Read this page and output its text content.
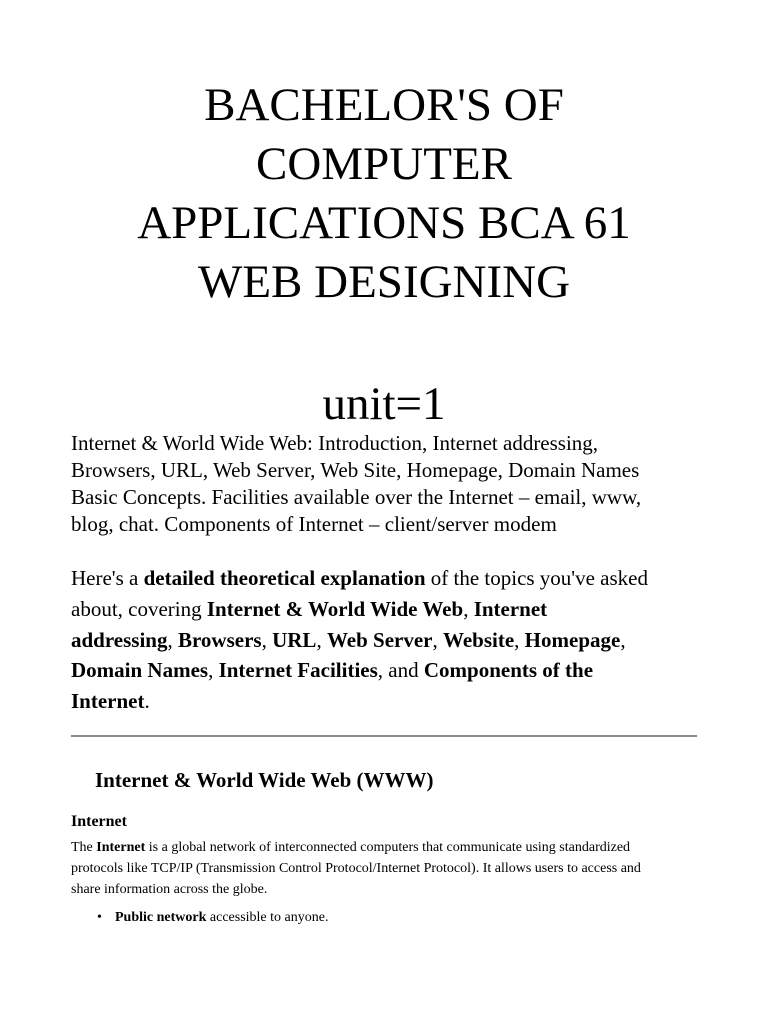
BACHELOR'S OF
COMPUTER
APPLICATIONS BCA 61
WEB DESIGNING
unit=1

Internet & World Wide Web: Introduction, Internet addressing,
Browsers, URL, Web Server, Web Site, Homepage, Domain Names
Basic Concepts. Facilities available over the Internet – email, www,
blog, chat. Components of Internet – client/server modem

Here's a detailed theoretical explanation of the topics you've asked
about, covering Internet & World Wide Web, Internet
addressing, Browsers, URL, Web Server, Website, Homepage,
Domain Names, Internet Facilities, and Components of the
Internet.

Internet & World Wide Web (WWW)
Internet

The Internet is a global network of interconnected computers that communicate using standardized
protocols like TCP/IP (Transmission Control Protocol/Internet Protocol). It allows users to access and
share information across the globe.

• Public network accessible to anyone.
